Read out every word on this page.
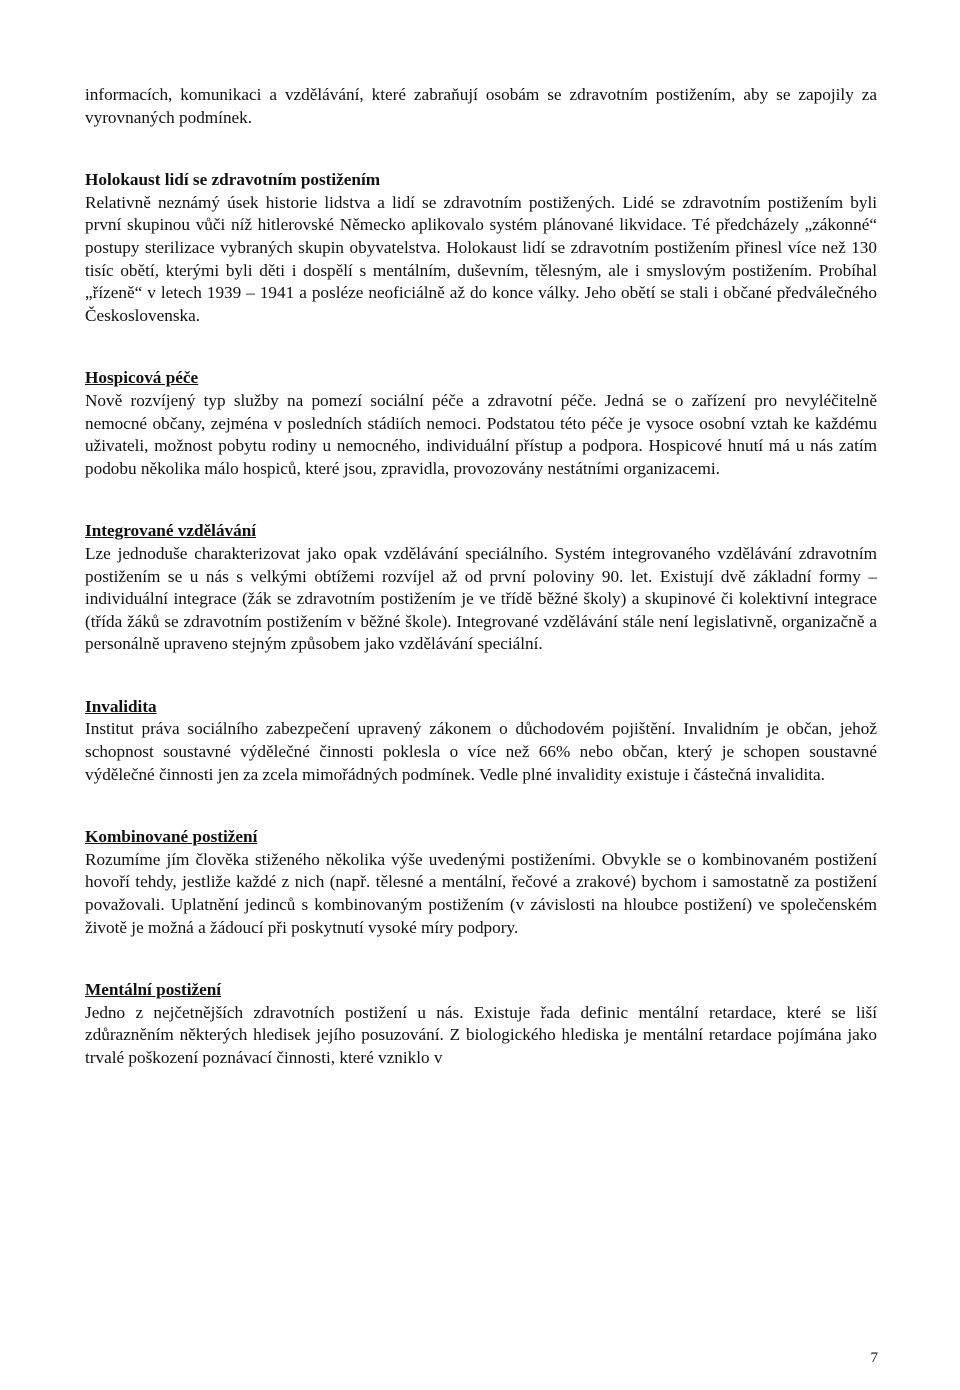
informacích, komunikaci a vzdělávání, které zabraňují osobám se zdravotním postižením, aby se zapojily za vyrovnaných podmínek.

Holokaust lidí se zdravotním postižením

Relativně neznámý úsek historie lidstva a lidí se zdravotním postižených. Lidé se zdravotním postižením byli první skupinou vůči níž hitlerovské Německo aplikovalo systém plánované likvidace. Té předcházely „zákonné“ postupy sterilizace vybraných skupin obyvatelstva. Holokaust lidí se zdravotním postižením přinesl více než 130 tisíc obětí, kterými byli děti i dospělí s mentálním, duševním, tělesným, ale i smyslovým postižením. Probíhal „řízeně“ v letech 1939 – 1941 a posléze neoficiálně až do konce války. Jeho obětí se stali i občané předválečného Československa.

Hospicová péče

Nově rozvíjený typ služby na pomezí sociální péče a zdravotní péče. Jedná se o zařízení pro nevyléčitelně nemocné občany, zejména v posledních stádiích nemoci. Podstatou této péče je vysoce osobní vztah ke každému uživateli, možnost pobytu rodiny u nemocného, individuální přístup a podpora. Hospicové hnutí má u nás zatím podobu několika málo hospiců, které jsou, zpravidla, provozovány nestátními organizacemi.

Integrované vzdělávání

Lze jednoduše charakterizovat jako opak vzdělávání speciálního. Systém integrovaného vzdělávání zdravotním postižením se u nás s velkými obtížemi rozvíjel až od první poloviny 90. let. Existují dvě základní formy – individuální integrace (žák se zdravotním postižením je ve třídě běžné školy) a skupinové či kolektivní integrace (třída žáků se zdravotním postižením v běžné škole). Integrované vzdělávání stále není legislativně, organizačně a personálně upraveno stejným způsobem jako vzdělávání speciální.

Invalidita

Institut práva sociálního zabezpečení upravený zákonem o důchodovém pojištění. Invalidním je občan, jehož schopnost soustavné výdělečné činnosti poklesla o více než 66% nebo občan, který je schopen soustavné výdělečné činnosti jen za zcela mimořádných podmínek. Vedle plné invalidity existuje i částečná invalidita.

Kombinované postižení

Rozumíme jím člověka stiženého několika výše uvedenými postiženími. Obvykle se o kombinovaném postižení hovoří tehdy, jestliže každé z nich (např. tělesné a mentální, řečové a zrakové) bychom i samostatně za postižení považovali. Uplatnění jedinců s kombinovaným postižením (v závislosti na hloubce postižení) ve společenském životě je možná a žádoucí při poskytnutí vysoké míry podpory.

Mentální postižení

Jedno z nejčetnějších zdravotních postižení u nás. Existuje řada definic mentální retardace, které se liší zdůrazněním některých hledisek jejího posuzování. Z biologického hlediska je mentální retardace pojímána jako trvalé poškození poznávací činnosti, které vzniklo v

7
